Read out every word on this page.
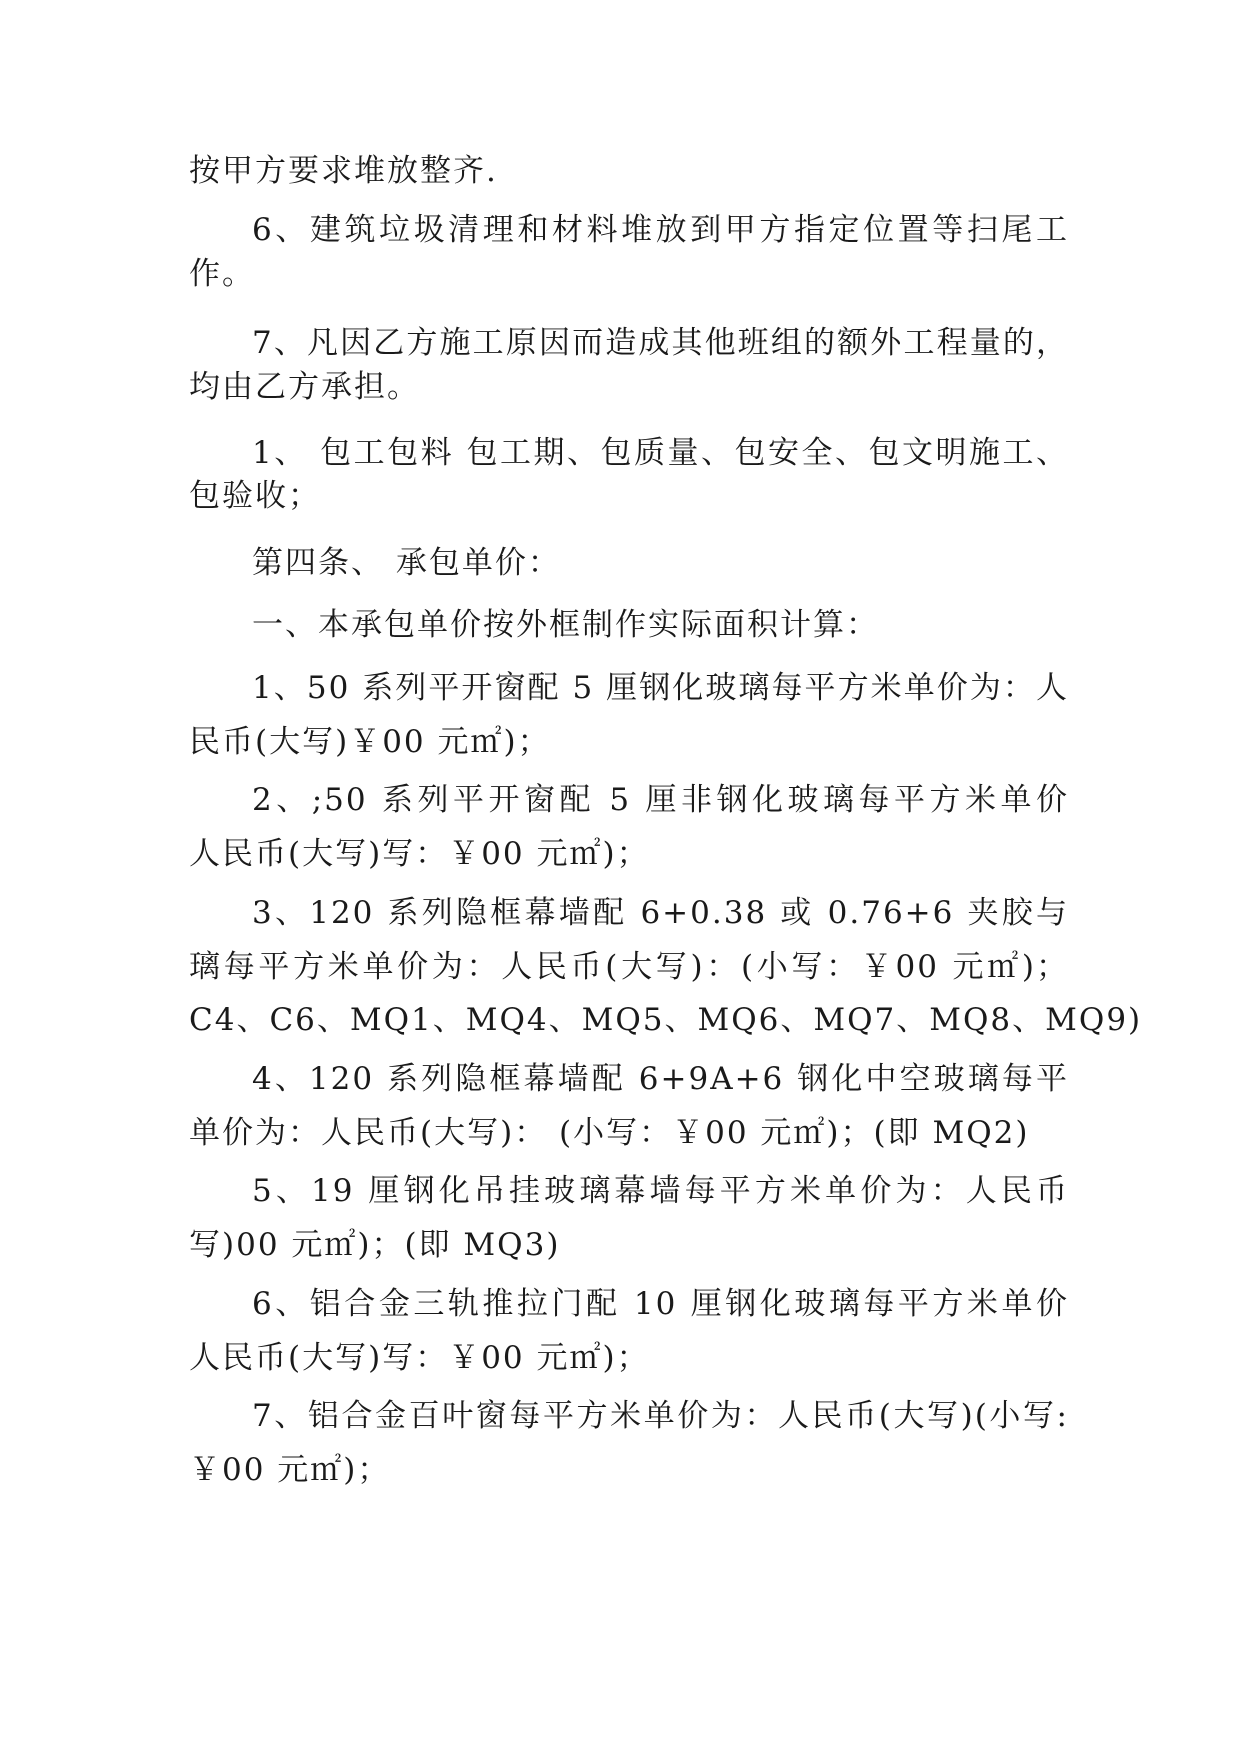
按甲方要求堆放整齐.
6、建筑垃圾清理和材料堆放到甲方指定位置等扫尾工
作。
7、凡因乙方施工原因而造成其他班组的额外工程量的，
均由乙方承担。
1、 包工包料 包工期、包质量、包安全、包文明施工、
包验收；
第四条、 承包单价：
一、本承包单价按外框制作实际面积计算：
1、50 系列平开窗配 5 厘钢化玻璃每平方米单价为：人
民币(大写)￥00 元㎡)；
2、;50 系列平开窗配 5 厘非钢化玻璃每平方米单价
人民币(大写)写：￥00 元㎡)；
3、120 系列隐框幕墙配 6+0.38 或 0.76+6 夹胶与
璃每平方米单价为：人民币(大写)：(小写：￥00 元㎡)；
C4、C6、MQ1、MQ4、MQ5、MQ6、MQ7、MQ8、MQ9)
4、120 系列隐框幕墙配 6+9A+6 钢化中空玻璃每平
单价为：人民币(大写)： (小写：￥00 元㎡)；(即 MQ2)
5、19 厘钢化吊挂玻璃幕墙每平方米单价为：人民币
写)00 元㎡)；(即 MQ3)
6、铝合金三轨推拉门配 10 厘钢化玻璃每平方米单价
人民币(大写)写：￥00 元㎡)；
7、铝合金百叶窗每平方米单价为：人民币(大写)(小写:
￥00 元㎡)；
